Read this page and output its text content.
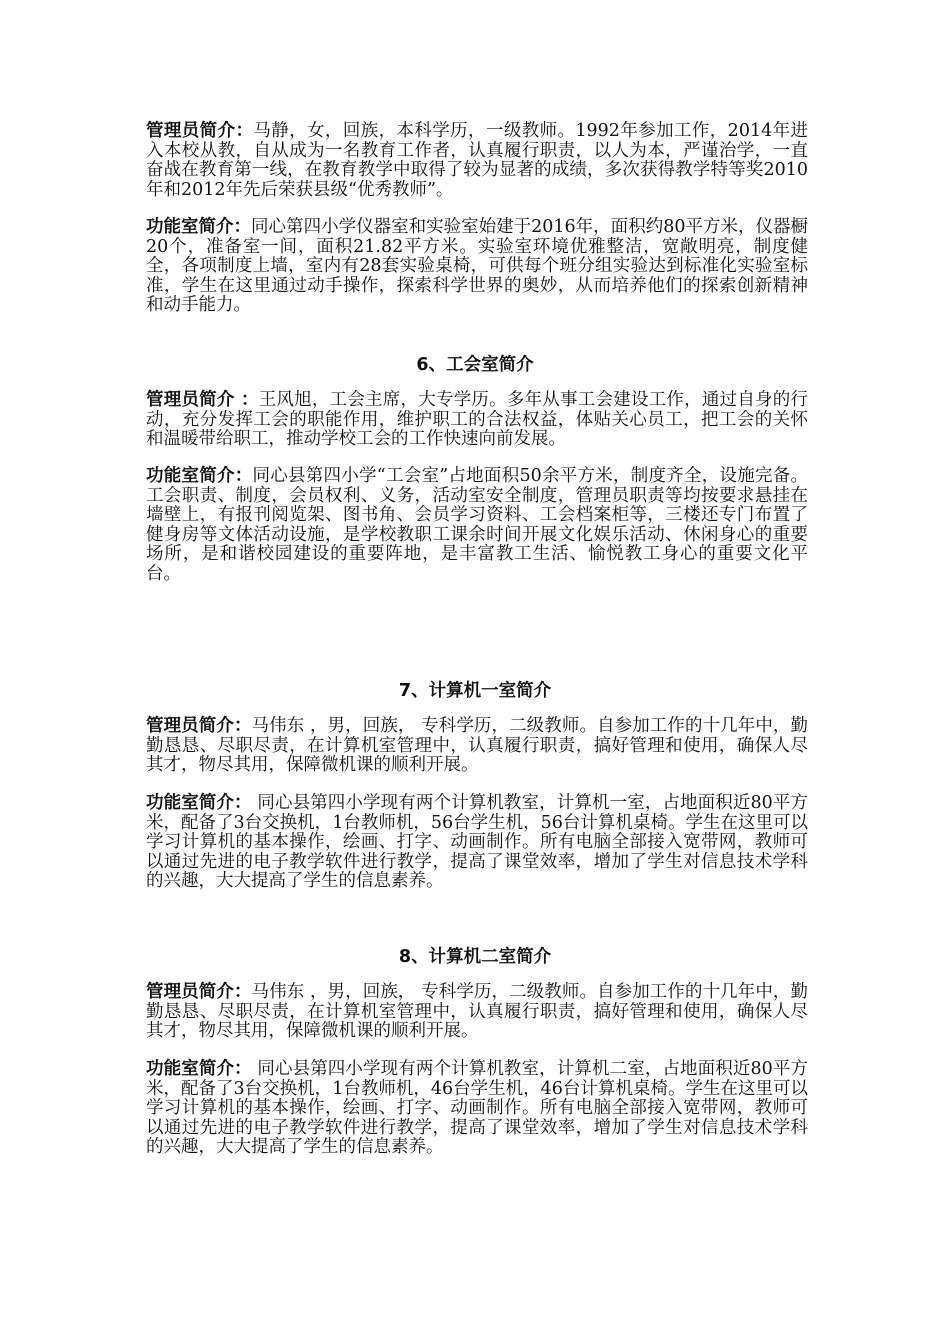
管理员简介：马静，女，回族，本科学历，一级教师。1992年参加工作，2014年进入本校从教，自从成为一名教育工作者，认真履行职责，以人为本，严谨治学，一直奋战在教育第一线，在教育教学中取得了较为显著的成绩，多次获得教学特等奖2010年和2012年先后荣获县级“优秀教师”。

功能室简介：同心第四小学仪器室和实验室始建于2016年，面积约80平方米，仪器橱20个，准备室一间，面积21.82平方米。实验室环境优雅整洁，宽敞明亮，制度健全，各项制度上墙，室内有28套实验桌椅，可供每个班分组实验达到标准化实验室标准，学生在这里通过动手操作，探索科学世界的奥妙，从而培养他们的探索创新精神和动手能力。

6、工会室简介

管理员简介 ：王风旭，工会主席，大专学历。多年从事工会建设工作，通过自身的行动，充分发挥工会的职能作用，维护职工的合法权益，体贴关心员工，把工会的关怀和温暖带给职工，推动学校工会的工作快速向前发展。

功能室简介：同心县第四小学“工会室”占地面积50余平方米，制度齐全，设施完备。工会职责、制度，会员权利、义务，活动室安全制度，管理员职责等均按要求悬挂在墙壁上，有报刊阅览架、图书角、会员学习资料、工会档案柜等，三楼还专门布置了健身房等文体活动设施，是学校教职工课余时间开展文化娱乐活动、休闲身心的重要场所，是和谐校园建设的重要阵地，是丰富教工生活、愉悦教工身心的重要文化平台。

7、计算机一室简介

管理员简介：马伟东 ，男，回族， 专科学历，二级教师。自参加工作的十几年中，勤勤恳恳、尽职尽责，在计算机室管理中，认真履行职责，搞好管理和使用，确保人尽其才，物尽其用，保障微机课的顺利开展。

功能室简介： 同心县第四小学现有两个计算机教室，计算机一室，占地面积近80平方米，配备了3台交换机，1台教师机，56台学生机，56台计算机桌椅。学生在这里可以学习计算机的基本操作，绘画、打字、动画制作。所有电脑全部接入宽带网，教师可以通过先进的电子教学软件进行教学，提高了课堂效率，增加了学生对信息技术学科的兴趣，大大提高了学生的信息素养。

8、计算机二室简介

管理员简介：马伟东 ，男，回族， 专科学历，二级教师。自参加工作的十几年中，勤勤恳恳、尽职尽责，在计算机室管理中，认真履行职责，搞好管理和使用，确保人尽其才，物尽其用，保障微机课的顺利开展。

功能室简介： 同心县第四小学现有两个计算机教室，计算机二室，占地面积近80平方米，配备了3台交换机，1台教师机，46台学生机，46台计算机桌椅。学生在这里可以学习计算机的基本操作，绘画、打字、动画制作。所有电脑全部接入宽带网，教师可以通过先进的电子教学软件进行教学，提高了课堂效率，增加了学生对信息技术学科的兴趣，大大提高了学生的信息素养。
